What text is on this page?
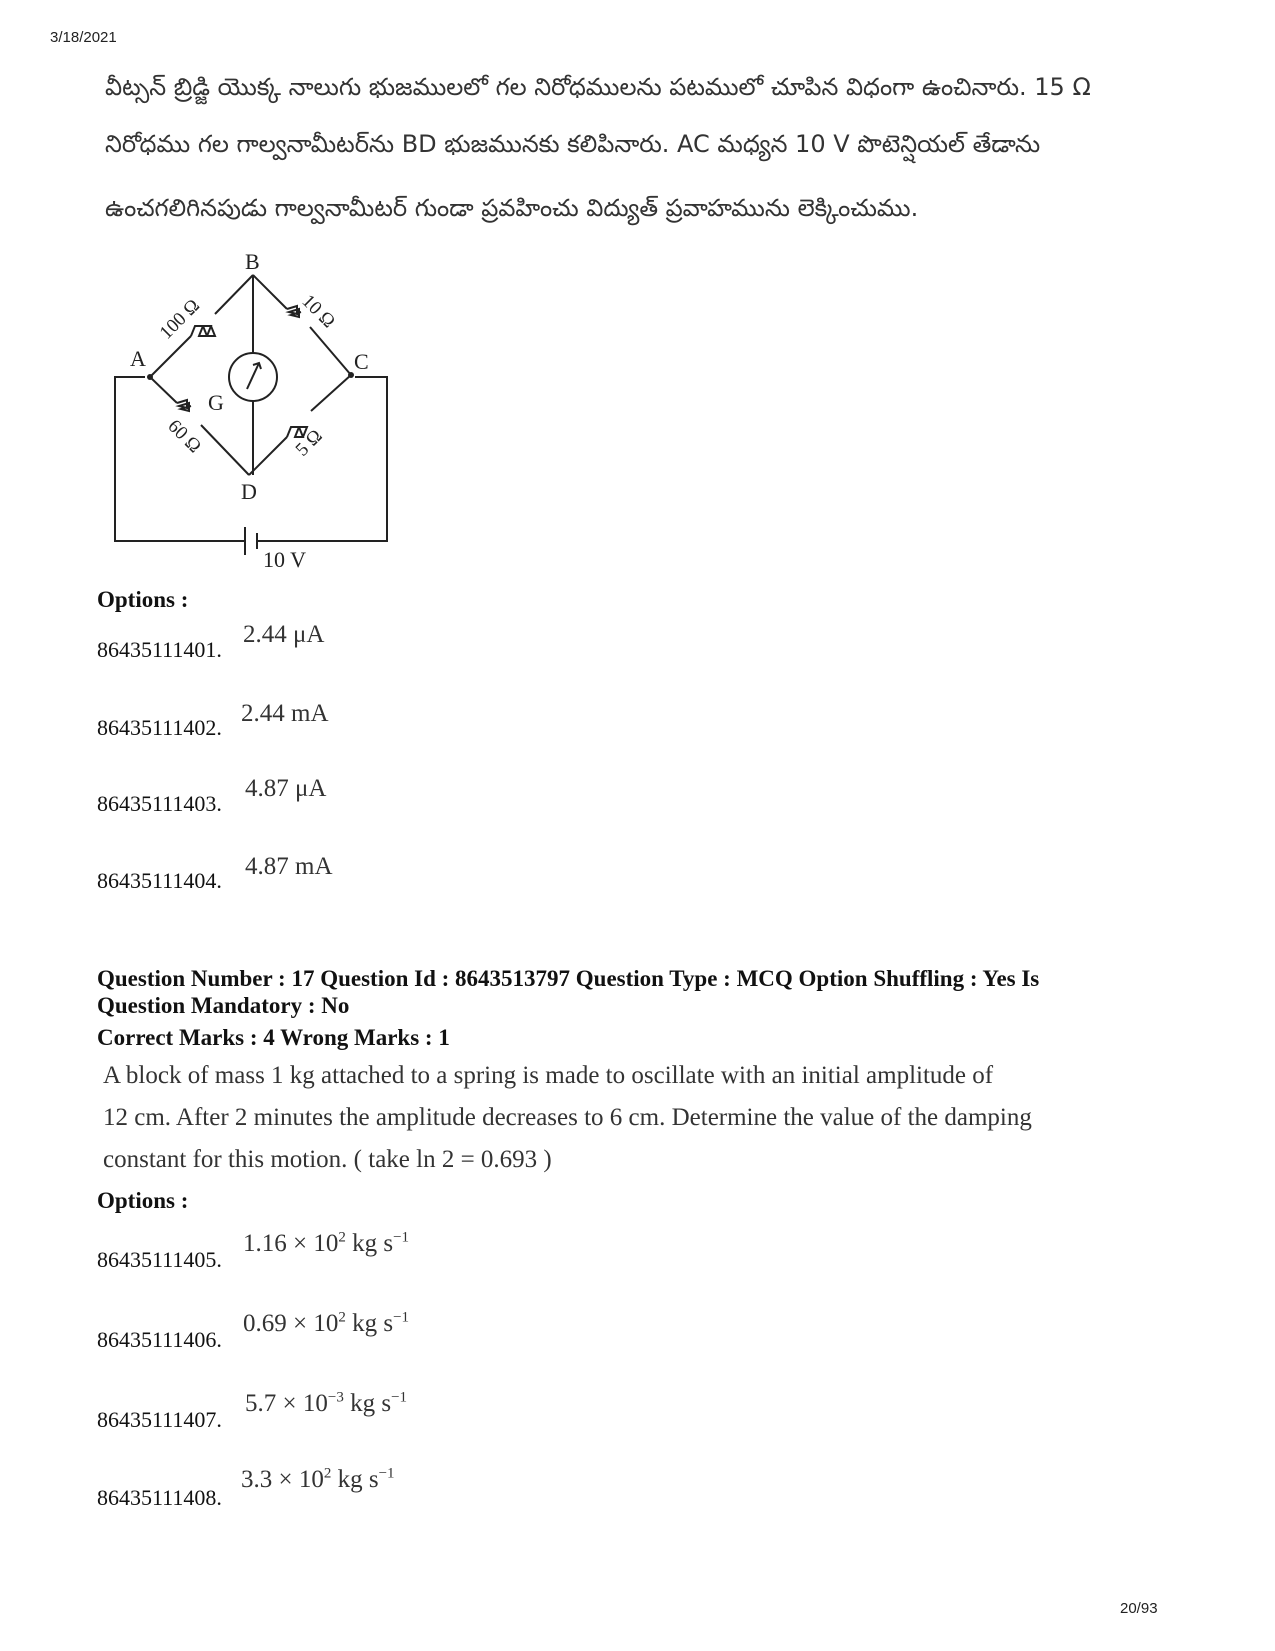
3/18/2021
వీట్సన్ బ్రిడ్జి యొక్క నాలుగు భుజములలో గల నిరోధములను పటములో చూపిన విధంగా ఉంచినారు. 15 Ω
నిరోధము గల గాల్వనామీటర్‌ను BD భుజమునకు కలిపినారు. AC మధ్యన 10 V పొటెన్షియల్ తేడాను
ఉంచగలిగినపుడు గాల్వనామీటర్ గుండా ప్రవహించు విద్యుత్ ప్రవాహమును లెక్కించుము.
B
A	C
D
G
100 Ω	10 Ω
60 Ω	5 Ω
10 V
Options :
86435111401.
2.44 μA
86435111402.
2.44 mA
86435111403.
4.87 μA
86435111404.
4.87 mA
Question Number : 17 Question Id : 8643513797 Question Type : MCQ Option Shuffling : Yes Is
Question Mandatory : No
Correct Marks : 4 Wrong Marks : 1
A block of mass 1 kg attached to a spring is made to oscillate with an initial amplitude of
12 cm. After 2 minutes the amplitude decreases to 6 cm. Determine the value of the damping
constant for this motion. ( take ln 2 = 0.693 )
Options :
86435111405.
$1.16 \times 10^2$ kg $s^{-1}$
86435111406.
$0.69 \times 10^2$ kg $s^{-1}$
86435111407.
$5.7 \times 10^{-3}$ kg $s^{-1}$
86435111408.
$3.3 \times 10^2$ kg $s^{-1}$
20/93
